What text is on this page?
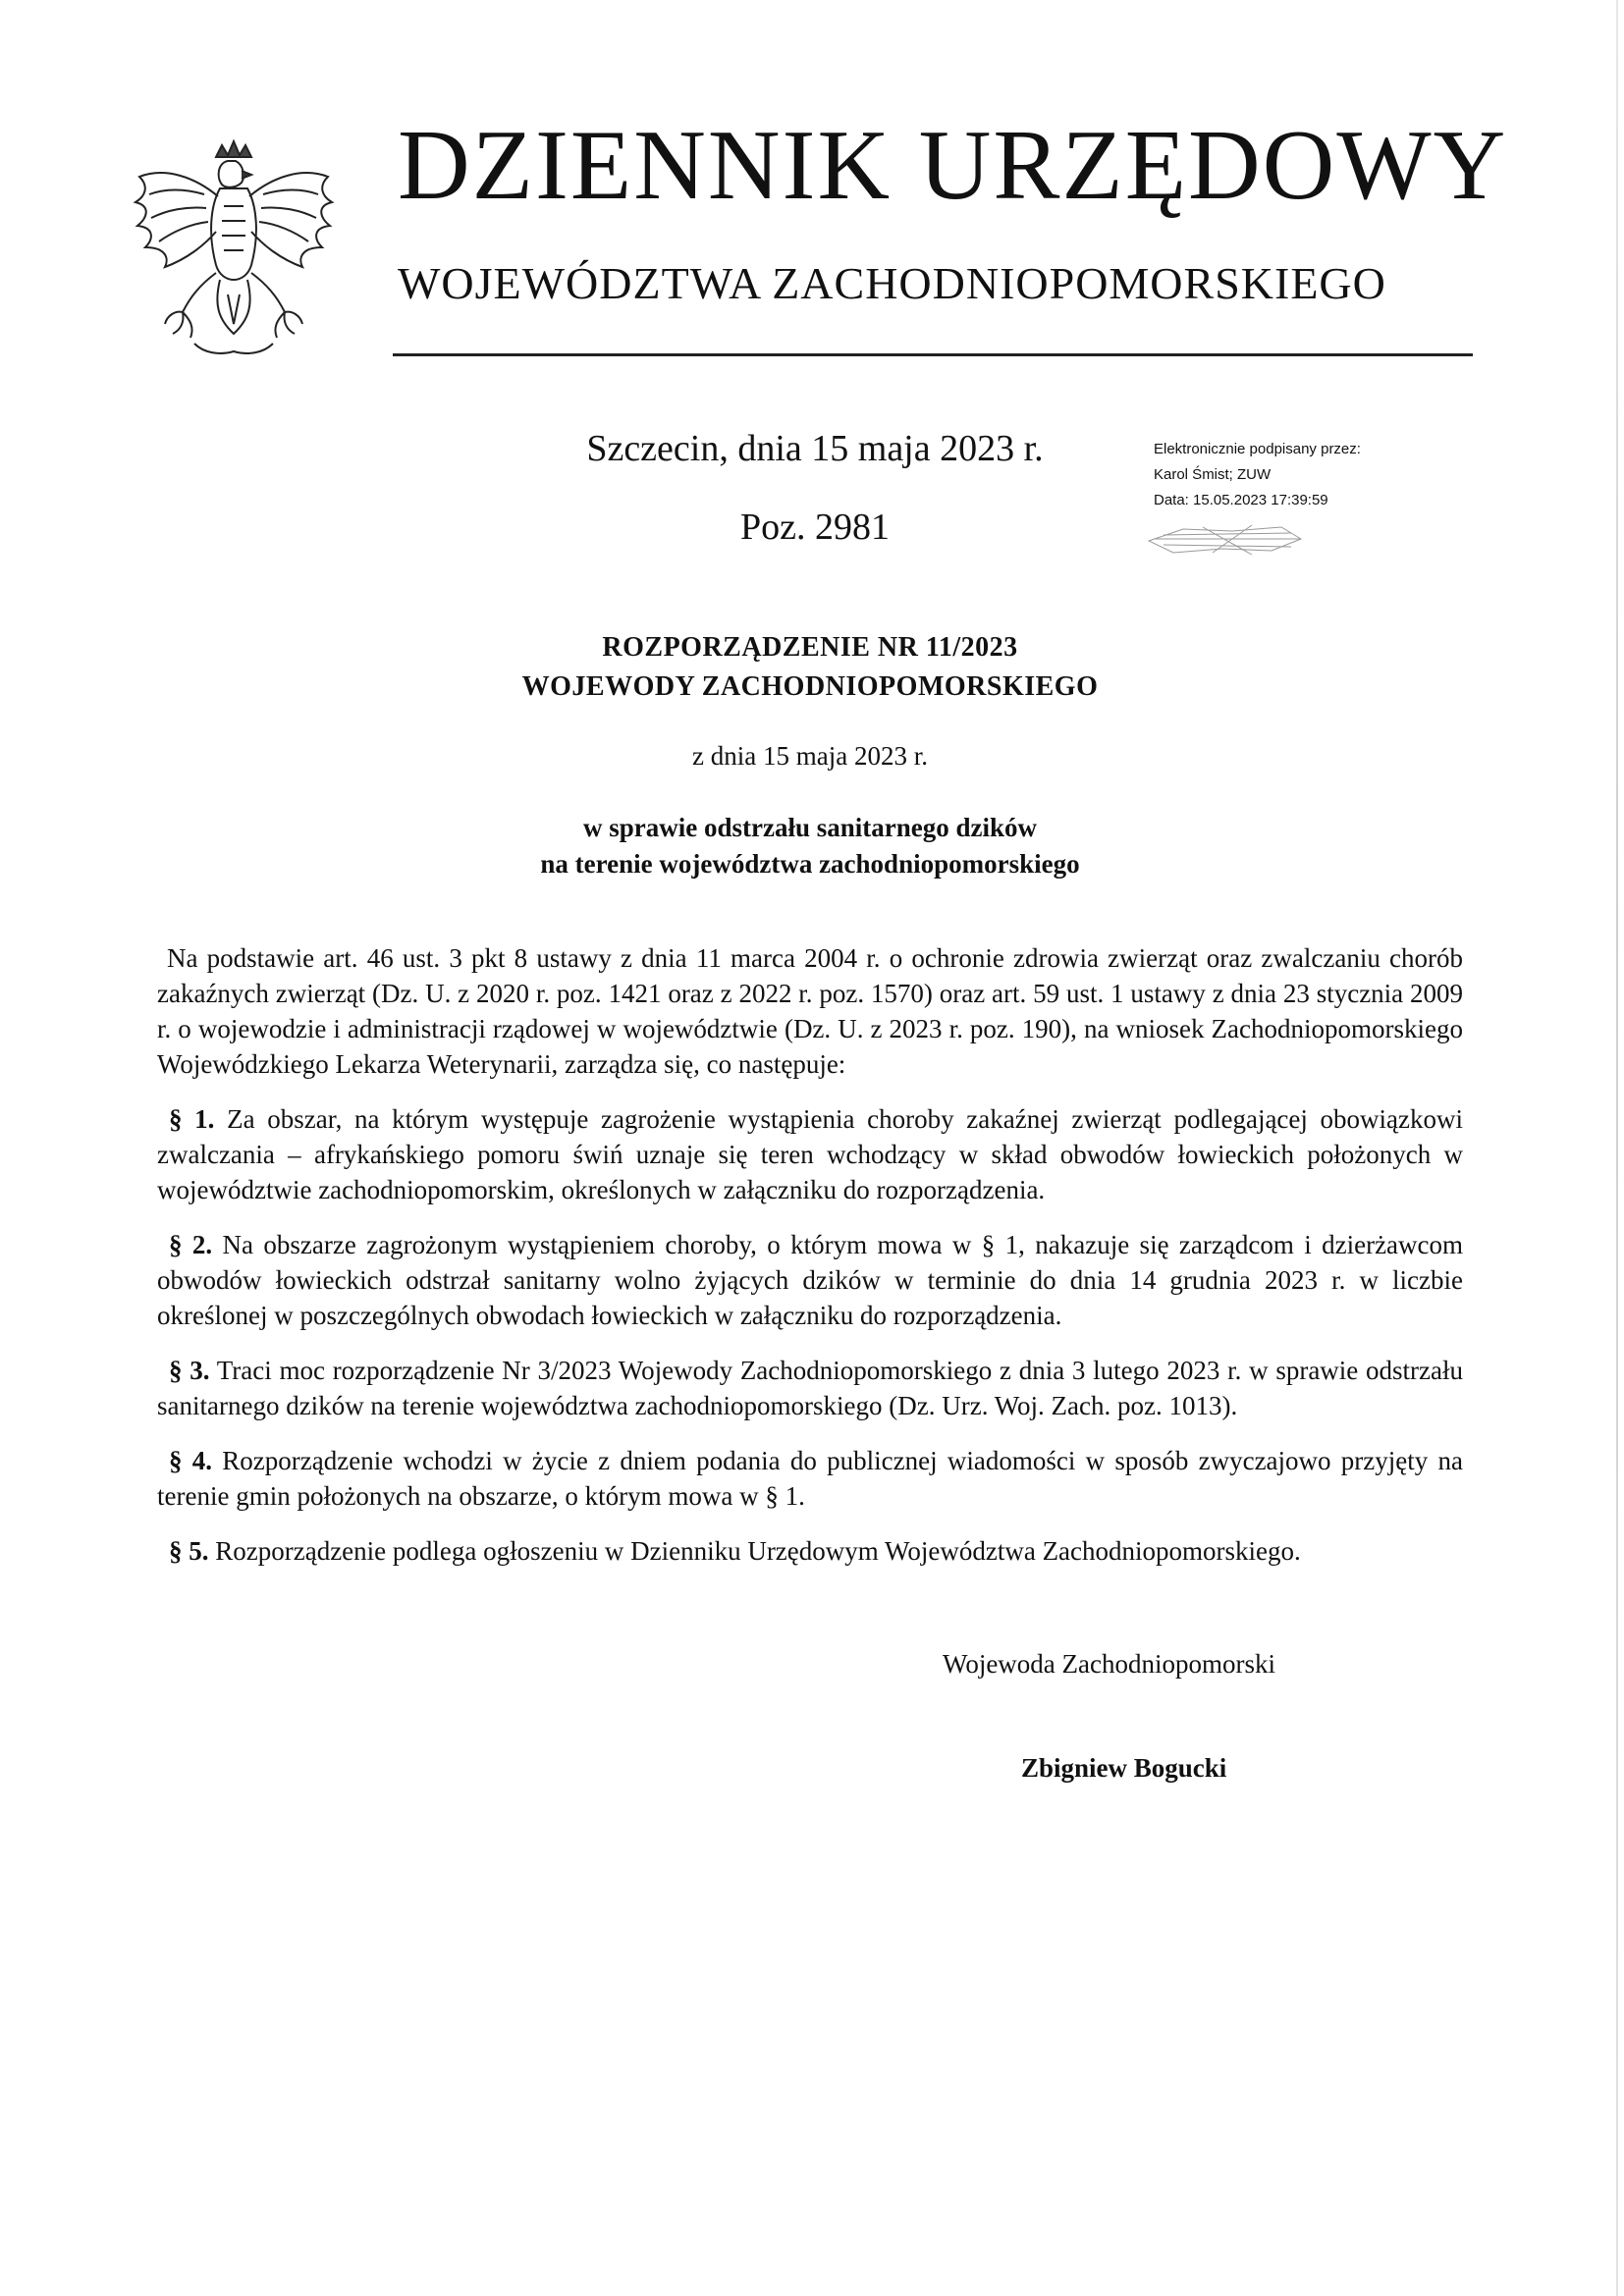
DZIENNIK URZĘDOWY
WOJEWÓDZTWA ZACHODNIOPOMORSKIEGO
Szczecin, dnia 15 maja 2023 r.
Poz. 2981
Elektronicznie podpisany przez:
Karol Śmist; ZUW
Data: 15.05.2023 17:39:59
ROZPORZĄDZENIE NR 11/2023
WOJEWODY ZACHODNIOPOMORSKIEGO
z dnia 15 maja 2023 r.
w sprawie odstrzału sanitarnego dzików
na terenie województwa zachodniopomorskiego

Na podstawie art. 46 ust. 3 pkt 8 ustawy z dnia 11 marca 2004 r. o ochronie zdrowia zwierząt oraz zwalczaniu chorób zakaźnych zwierząt (Dz. U. z 2020 r. poz. 1421 oraz z 2022 r. poz. 1570) oraz art. 59 ust. 1 ustawy z dnia 23 stycznia 2009 r. o wojewodzie i administracji rządowej w województwie (Dz. U. z 2023 r. poz. 190), na wniosek Zachodniopomorskiego Wojewódzkiego Lekarza Weterynarii, zarządza się, co następuje:

§ 1. Za obszar, na którym występuje zagrożenie wystąpienia choroby zakaźnej zwierząt podlegającej obowiązkowi zwalczania – afrykańskiego pomoru świń uznaje się teren wchodzący w skład obwodów łowieckich położonych w województwie zachodniopomorskim, określonych w załączniku do rozporządzenia.

§ 2. Na obszarze zagrożonym wystąpieniem choroby, o którym mowa w § 1, nakazuje się zarządcom i dzierżawcom obwodów łowieckich odstrzał sanitarny wolno żyjących dzików w terminie do dnia 14 grudnia 2023 r. w liczbie określonej w poszczególnych obwodach łowieckich w załączniku do rozporządzenia.

§ 3. Traci moc rozporządzenie Nr 3/2023 Wojewody Zachodniopomorskiego z dnia 3 lutego 2023 r. w sprawie odstrzału sanitarnego dzików na terenie województwa zachodniopomorskiego (Dz. Urz. Woj. Zach. poz. 1013).

§ 4. Rozporządzenie wchodzi w życie z dniem podania do publicznej wiadomości w sposób zwyczajowo przyjęty na terenie gmin położonych na obszarze, o którym mowa w § 1.

§ 5. Rozporządzenie podlega ogłoszeniu w Dzienniku Urzędowym Województwa Zachodniopomorskiego.

Wojewoda Zachodniopomorski
Zbigniew Bogucki
